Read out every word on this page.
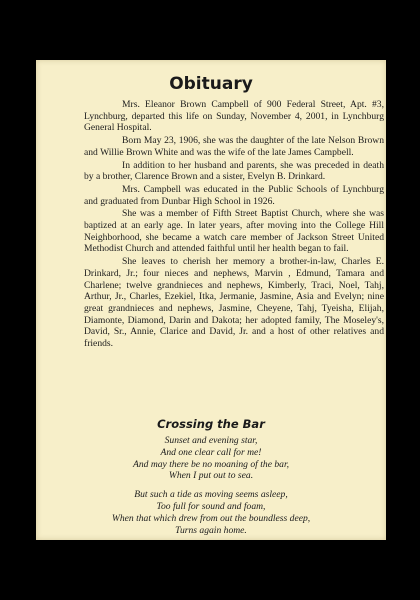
Obituary

Mrs. Eleanor Brown Campbell of 900 Federal Street, Apt. #3, Lynchburg, departed this life on Sunday, November 4, 2001, in Lynchburg General Hospital.

Born May 23, 1906, she was the daughter of the late Nelson Brown and Willie Brown White and was the wife of the late James Campbell.

In addition to her husband and parents, she was preceded in death by a brother, Clarence Brown and a sister, Evelyn B. Drinkard.

Mrs. Campbell was educated in the Public Schools of Lynchburg and graduated from Dunbar High School in 1926.

She was a member of Fifth Street Baptist Church, where she was baptized at an early age. In later years, after moving into the College Hill Neighborhood, she became a watch care member of Jackson Street United Methodist Church and attended faithful until her health began to fail.

She leaves to cherish her memory a brother-in-law, Charles E. Drinkard, Jr.; four nieces and nephews, Marvin , Edmund, Tamara and Charlene; twelve grandnieces and nephews, Kimberly, Traci, Noel, Tahj, Arthur, Jr., Charles, Ezekiel, Itka, Jermanie, Jasmine, Asia and Evelyn; nine great grandnieces and nephews, Jasmine, Cheyene, Tahj, Tyeisha, Elijah, Diamonte, Diamond, Darin and Dakota; her adopted family, The Moseley's, David, Sr., Annie, Clarice and David, Jr. and a host of other relatives and friends.

Crossing the Bar
Sunset and evening star,
And one clear call for me!
And may there be no moaning of the bar,
When I put out to sea.
But such a tide as moving seems asleep,
Too full for sound and foam,
When that which drew from out the boundless deep,
Turns again home.
